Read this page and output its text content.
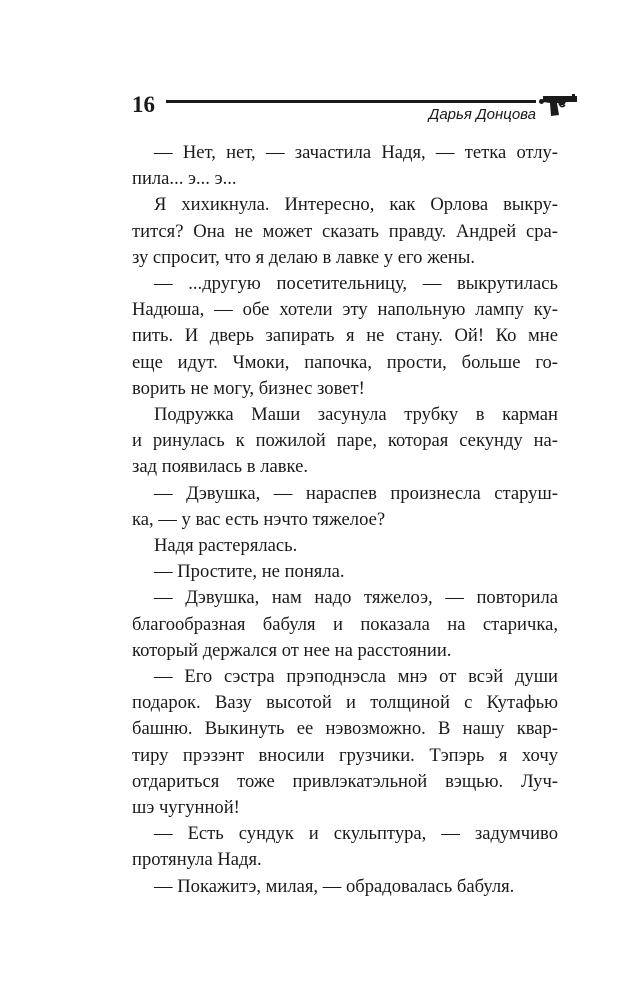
16	Дарья Донцова
— Нет, нет, — зачастила Надя, — тетка отлу-
пила... э... э...
Я хихикнула. Интересно, как Орлова выкру-
тится? Она не может сказать правду. Андрей сра-
зу спросит, что я делаю в лавке у его жены.
— ...другую посетительницу, — выкрутилась
Надюша, — обе хотели эту напольную лампу ку-
пить. И дверь запирать я не стану. Ой! Ко мне
еще идут. Чмоки, папочка, прости, больше го-
ворить не могу, бизнес зовет!
Подружка Маши засунула трубку в карман
и ринулась к пожилой паре, которая секунду на-
зад появилась в лавке.
— Дэвушка, — нараспев произнесла старуш-
ка, — у вас есть нэчто тяжелое?
Надя растерялась.
— Простите, не поняла.
— Дэвушка, нам надо тяжелоэ, — повторила
благообразная бабуля и показала на старичка,
который держался от нее на расстоянии.
— Его сэстра прэподнэсла мнэ от всэй души
подарок. Вазу высотой и толщиной с Кутафью
башню. Выкинуть ее нэвозможно. В нашу квар-
тиру прэзэнт вносили грузчики. Тэпэрь я хочу
отдариться тоже привлэкатэльной вэщью. Луч-
шэ чугунной!
— Есть сундук и скульптура, — задумчиво
протянула Надя.
— Покажитэ, милая, — обрадовалась бабуля.
